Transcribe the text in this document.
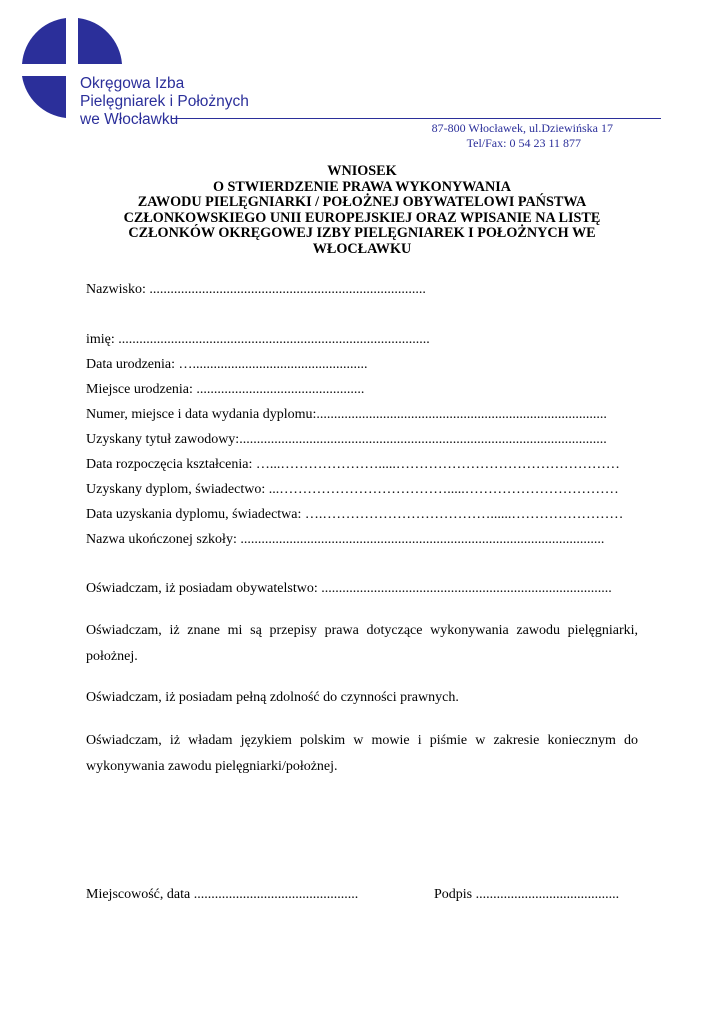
Okręgowa Izba
Pielęgniarek i Położnych
we Włocławku	87-800 Włocławek, ul.Dziewińska 17
Tel/Fax: 0 54 23 11 877
WNIOSEK
O STWIERDZENIE PRAWA WYKONYWANIA
ZAWODU PIELĘGNIARKI / POŁOŻNEJ OBYWATELOWI PAŃSTWA
CZŁONKOWSKIEGO UNII EUROPEJSKIEJ ORAZ WPISANIE NA LISTĘ
CZŁONKÓW OKRĘGOWEJ IZBY PIELĘGNIAREK I POŁOŻNYCH WE
WŁOCŁAWKU
Nazwisko: ...............................................................................
imię: .........................................................................................
Data urodzenia: …..................................................
Miejsce urodzenia: ................................................
Numer, miejsce i data wydania dyplomu:...................................................................................
Uzyskany tytuł zawodowy:.........................................................................................................
Data rozpoczęcia kształcenia: …...………………….....…………………………………………
Uzyskany dyplom, świadectwo: ...……………………………….....……………………………
Data uzyskania dyplomu, świadectwa: ….………………………………......……………………
Nazwa ukończonej szkoły: ........................................................................................................
Oświadczam, iż posiadam obywatelstwo: ...................................................................................
Oświadczam, iż znane mi są przepisy prawa dotyczące wykonywania zawodu pielęgniarki, położnej.
Oświadczam, iż posiadam pełną zdolność do czynności prawnych.
Oświadczam, iż władam językiem polskim w mowie i piśmie w zakresie koniecznym do wykonywania zawodu pielęgniarki/położnej.
Miejscowość, data ...............................................	Podpis .........................................
